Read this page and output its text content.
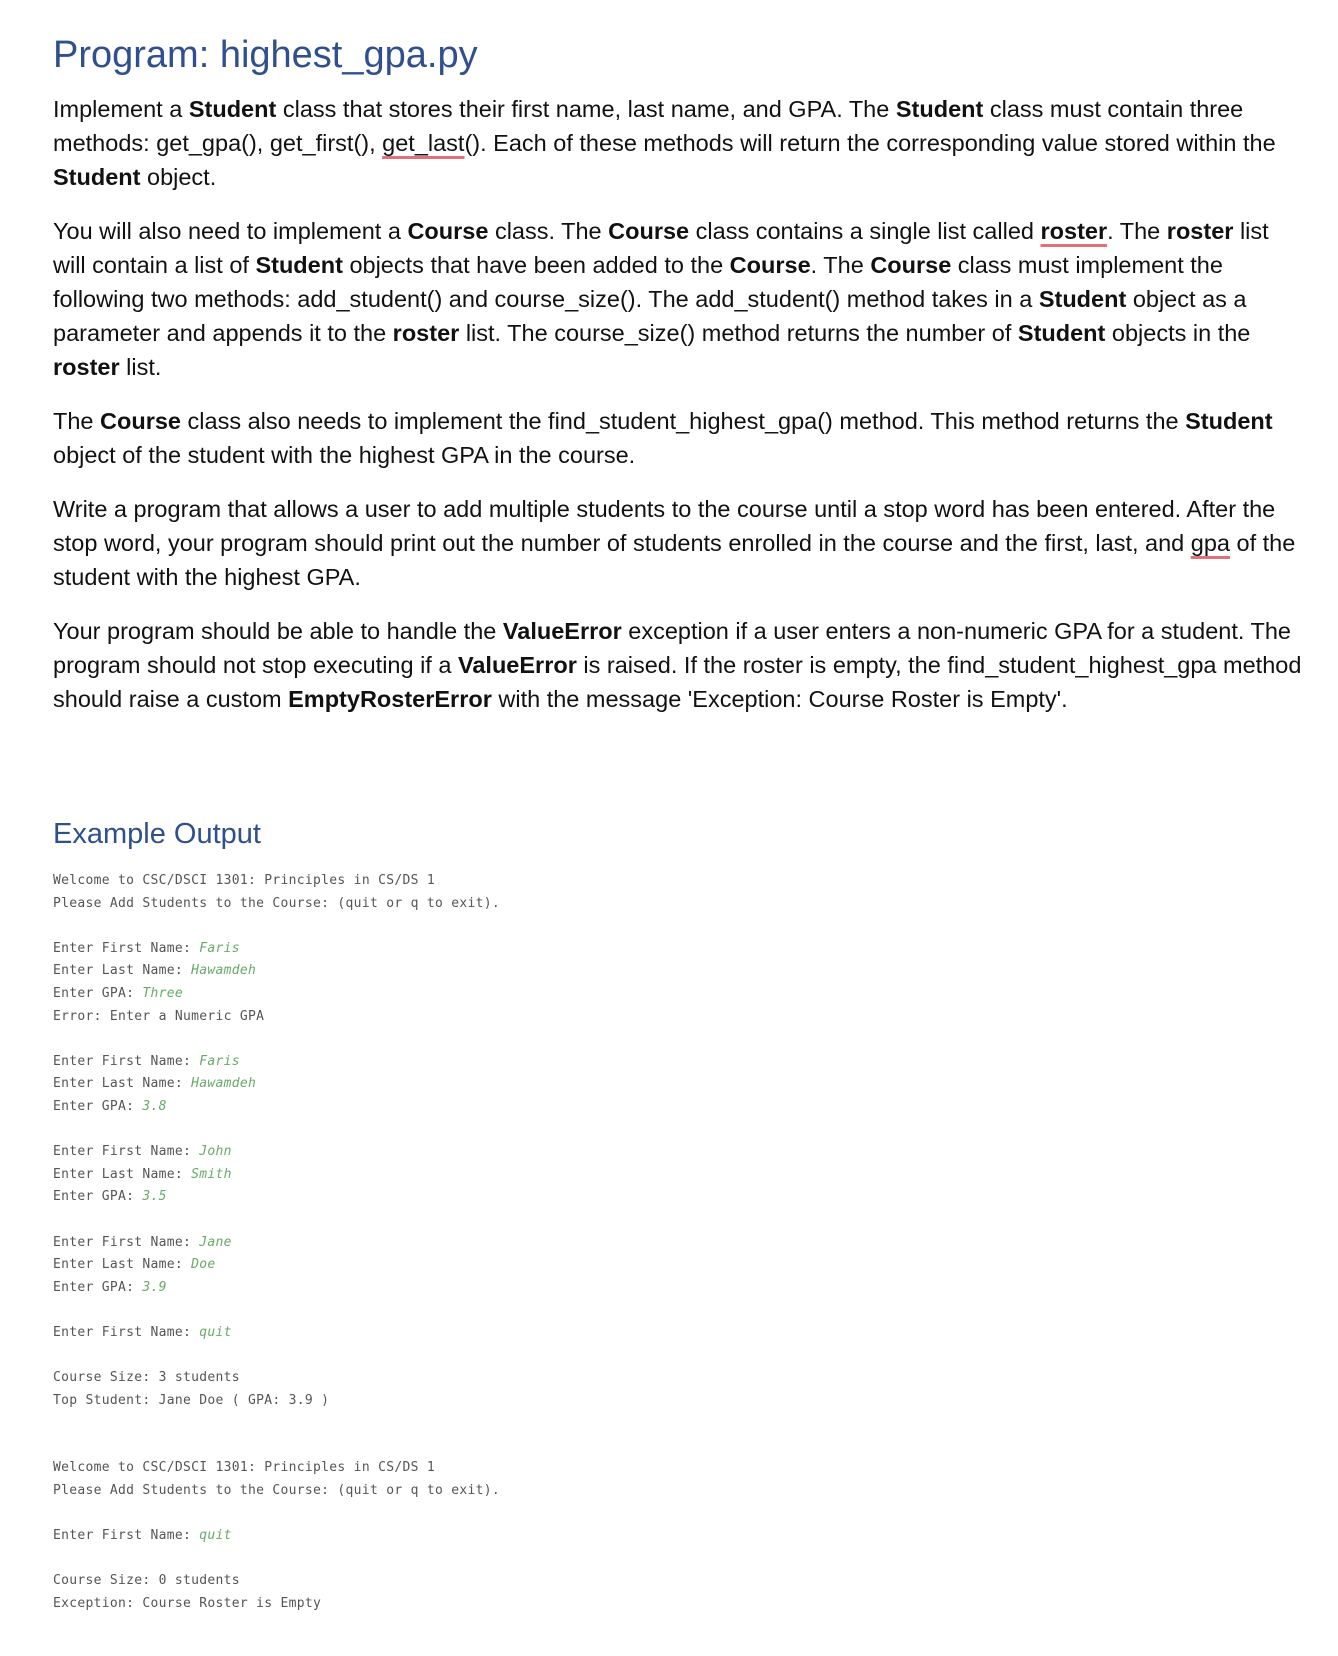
Program: highest_gpa.py

Implement a Student class that stores their first name, last name, and GPA. The Student class must contain three methods: get_gpa(), get_first(), get_last(). Each of these methods will return the corresponding value stored within the Student object.

You will also need to implement a Course class. The Course class contains a single list called roster. The roster list will contain a list of Student objects that have been added to the Course. The Course class must implement the following two methods: add_student() and course_size(). The add_student() method takes in a Student object as a parameter and appends it to the roster list. The course_size() method returns the number of Student objects in the roster list.

The Course class also needs to implement the find_student_highest_gpa() method. This method returns the Student object of the student with the highest GPA in the course.

Write a program that allows a user to add multiple students to the course until a stop word has been entered. After the stop word, your program should print out the number of students enrolled in the course and the first, last, and gpa of the student with the highest GPA.

Your program should be able to handle the ValueError exception if a user enters a non-numeric GPA for a student. The program should not stop executing if a ValueError is raised. If the roster is empty, the find_student_highest_gpa method should raise a custom EmptyRosterError with the message 'Exception: Course Roster is Empty'.

Example Output
Welcome to CSC/DSCI 1301: Principles in CS/DS 1
Please Add Students to the Course: (quit or q to exit).
Enter First Name: Faris
Enter Last Name: Hawamdeh
Enter GPA: Three
Error: Enter a Numeric GPA
Enter First Name: Faris
Enter Last Name: Hawamdeh
Enter GPA: 3.8
Enter First Name: John
Enter Last Name: Smith
Enter GPA: 3.5
Enter First Name: Jane
Enter Last Name: Doe
Enter GPA: 3.9
Enter First Name: quit
Course Size: 3 students
Top Student: Jane Doe ( GPA: 3.9 )
Welcome to CSC/DSCI 1301: Principles in CS/DS 1
Please Add Students to the Course: (quit or q to exit).
Enter First Name: quit
Course Size: 0 students
Exception: Course Roster is Empty
